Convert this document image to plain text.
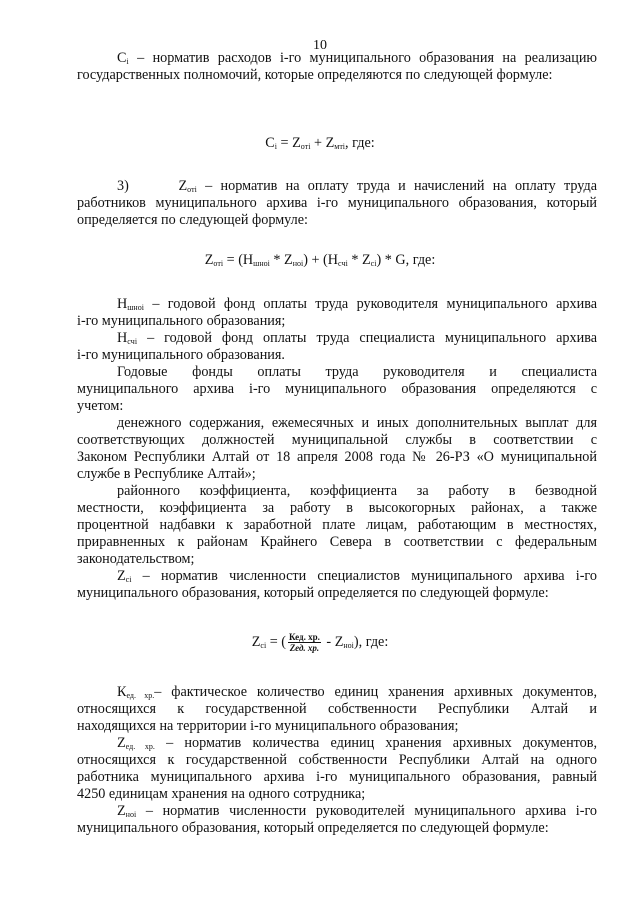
10
$C_i$ – норматив расходов i-го муниципального образования на реализацию
государственных полномочий, которые определяются по следующей формуле:
$C_i = Z_{oтi} + Z_{мтi}$, где:
3)	$Z_{oтi}$ – норматив на оплату труда и начислений на оплату труда
работников муниципального архива i-го муниципального образования, который
определяется по следующей формуле:
$Z_{oтi} = (H_{шноi} * Z_{нoi}) + (H_{cчi} * Z_{ci}) * G$, где:
$H_{шноi}$ – годовой фонд оплаты труда руководителя муниципального архива
i-го муниципального образования;
$H_{cчi}$ – годовой фонд оплаты труда специалиста муниципального архива
i-го муниципального образования.
Годовые фонды оплаты труда руководителя и специалиста
муниципального архива i-го муниципального образования определяются с
учетом:
денежного содержания, ежемесячных и иных дополнительных выплат для
соответствующих должностей муниципальной службы в соответствии с
Законом Республики Алтай от 18 апреля 2008 года № 26-РЗ «О муниципальной
службе в Республике Алтай»;
районного коэффициента, коэффициента за работу в безводной
местности, коэффициента за работу в высокогорных районах, а также
процентной надбавки к заработной плате лицам, работающим в местностях,
приравненных к районам Крайнего Севера в соответствии с федеральным
законодательством;
$Z_{ci}$ – норматив численности специалистов муниципального архива i-го
муниципального образования, который определяется по следующей формуле:
$Z_{ci}$ = ( $\frac{\text{Кед. хр.}}{\text{Zед. хр.}} - Z_{нoi}$), где:
$К_{ед. хр.}-$ фактическое количество единиц хранения архивных документов,
относящихся к государственной собственности Республики Алтай и
находящихся на территории i-го муниципального образования;
$Z_{ед. хр.}$ – норматив количества единиц хранения архивных документов,
относящихся к государственной собственности Республики Алтай на одного
работника муниципального архива i-го муниципального образования, равный
4250 единицам хранения на одного сотрудника;
$Z_{нoi}$ – норматив численности руководителей муниципального архива i-го
муниципального образования, который определяется по следующей формуле:
